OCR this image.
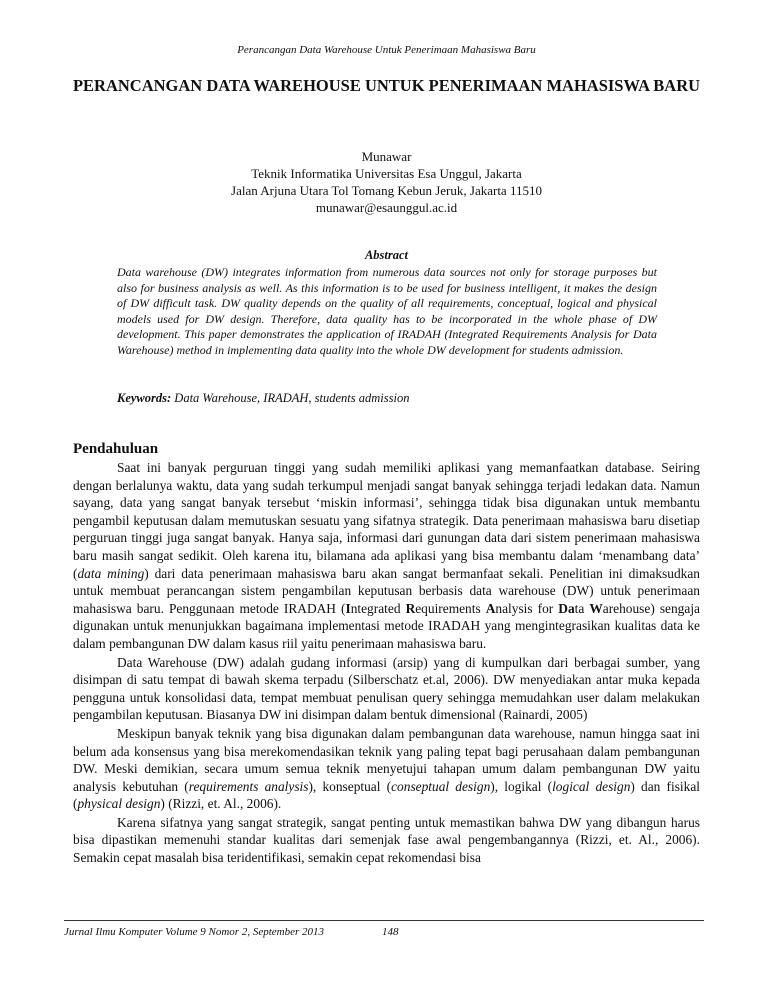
Perancangan Data Warehouse Untuk Penerimaan Mahasiswa Baru
PERANCANGAN DATA WAREHOUSE UNTUK PENERIMAAN MAHASISWA BARU
Munawar
Teknik Informatika Universitas Esa Unggul, Jakarta
Jalan Arjuna Utara Tol Tomang Kebun Jeruk, Jakarta 11510
munawar@esaunggul.ac.id
Abstract
Data warehouse (DW) integrates information from numerous data sources not only for storage purposes but also for business analysis as well. As this information is to be used for business intelligent, it makes the design of DW difficult task. DW quality depends on the quality of all requirements, conceptual, logical and physical models used for DW design. Therefore, data quality has to be incorporated in the whole phase of DW development. This paper demonstrates the application of IRADAH (Integrated Requirements Analysis for Data Warehouse) method in implementing data quality into the whole DW development for students admission.
Keywords: Data Warehouse, IRADAH, students admission
Pendahuluan

Saat ini banyak perguruan tinggi yang sudah memiliki aplikasi yang memanfaatkan database. Seiring dengan berlalunya waktu, data yang sudah terkumpul menjadi sangat banyak sehingga terjadi ledakan data. Namun sayang, data yang sangat banyak tersebut ‘miskin informasi’, sehingga tidak bisa digunakan untuk membantu pengambil keputusan dalam memutuskan sesuatu yang sifatnya strategik. Data penerimaan mahasiswa baru disetiap perguruan tinggi juga sangat banyak. Hanya saja, informasi dari gunungan data dari sistem penerimaan mahasiswa baru masih sangat sedikit. Oleh karena itu, bilamana ada aplikasi yang bisa membantu dalam ‘menambang data’ (data mining) dari data penerimaan mahasiswa baru akan sangat bermanfaat sekali. Penelitian ini dimaksudkan untuk membuat perancangan sistem pengambilan keputusan berbasis data warehouse (DW) untuk penerimaan mahasiswa baru. Penggunaan metode IRADAH (Integrated Requirements Analysis for Data Warehouse) sengaja digunakan untuk menunjukkan bagaimana implementasi metode IRADAH yang mengintegrasikan kualitas data ke dalam pembangunan DW dalam kasus riil yaitu penerimaan mahasiswa baru.

Data Warehouse (DW) adalah gudang informasi (arsip) yang di kumpulkan dari berbagai sumber, yang disimpan di satu tempat di bawah skema terpadu (Silberschatz et.al, 2006). DW menyediakan antar muka kepada pengguna untuk konsolidasi data, tempat membuat penulisan query sehingga memudahkan user dalam melakukan pengambilan keputusan. Biasanya DW ini disimpan dalam bentuk dimensional (Rainardi, 2005)

Meskipun banyak teknik yang bisa digunakan dalam pembangunan data warehouse, namun hingga saat ini belum ada konsensus yang bisa merekomendasikan teknik yang paling tepat bagi perusahaan dalam pembangunan DW. Meski demikian, secara umum semua teknik menyetujui tahapan umum dalam pembangunan DW yaitu analysis kebutuhan (requirements analysis), konseptual (conseptual design), logikal (logical design) dan fisikal (physical design) (Rizzi, et. Al., 2006).

Karena sifatnya yang sangat strategik, sangat penting untuk memastikan bahwa DW yang dibangun harus bisa dipastikan memenuhi standar kualitas dari semenjak fase awal pengembangannya (Rizzi, et. Al., 2006). Semakin cepat masalah bisa teridentifikasi, semakin cepat rekomendasi bisa

Jurnal Ilmu Komputer Volume 9 Nomor 2, September 2013	148
